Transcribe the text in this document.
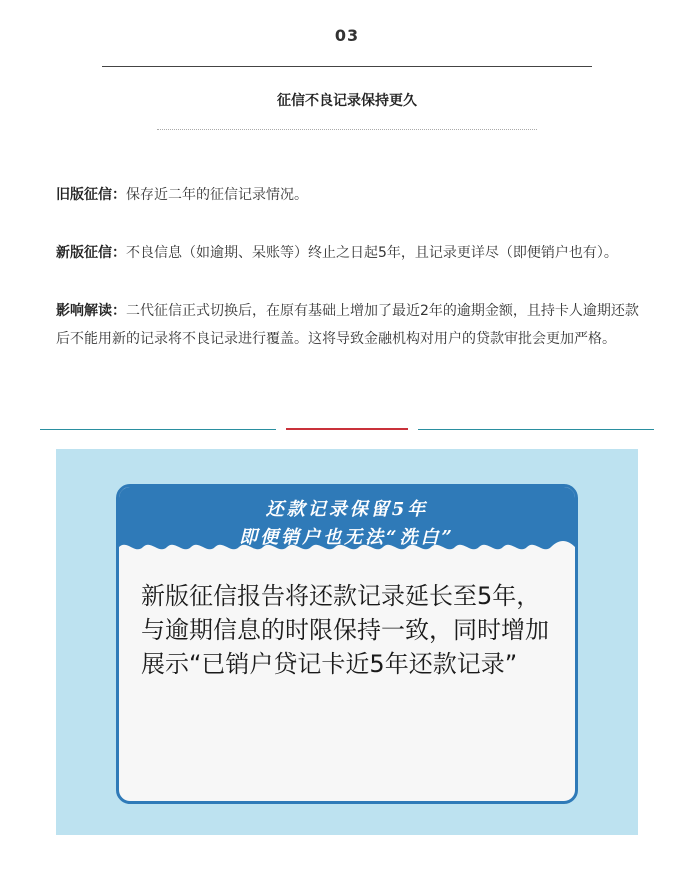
03
征信不良记录保持更久
旧版征信：保存近二年的征信记录情况。
新版征信：不良信息（如逾期、呆账等）终止之日起5年，且记录更详尽（即便销户也有）。
影响解读：二代征信正式切换后，在原有基础上增加了最近2年的逾期金额，且持卡人逾期还款后不能用新的记录将不良记录进行覆盖。这将导致金融机构对用户的贷款审批会更加严格。
还款记录保留5年
即便销户也无法“洗白”
新版征信报告将还款记录延长至5年，与逾期信息的时限保持一致，同时增加展示“已销户贷记卡近5年还款记录”
